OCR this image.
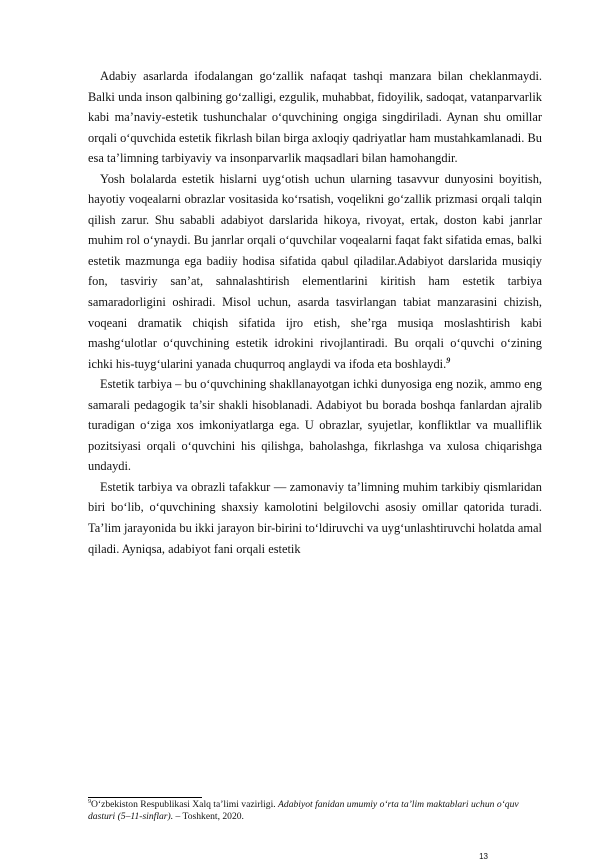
Adabiy asarlarda ifodalangan go‘zallik nafaqat tashqi manzara bilan cheklanmaydi. Balki unda inson qalbining go‘zalligi, ezgulik, muhabbat, fidoyilik, sadoqat, vatanparvarlik kabi ma’naviy-estetik tushunchalar o‘quvchining ongiga singdiriladi. Aynan shu omillar orqali o‘quvchida estetik fikrlash bilan birga axloqiy qadriyatlar ham mustahkamlanadi. Bu esa ta’limning tarbiyaviy va insonparvarlik maqsadlari bilan hamohangdir.

Yosh bolalarda estetik hislarni uyg‘otish uchun ularning tasavvur dunyosini boyitish, hayotiy voqealarni obrazlar vositasida ko‘rsatish, voqelikni go‘zallik prizmasi orqali talqin qilish zarur. Shu sababli adabiyot darslarida hikoya, rivoyat, ertak, doston kabi janrlar muhim rol o‘ynaydi. Bu janrlar orqali o‘quvchilar voqealarni faqat fakt sifatida emas, balki estetik mazmunga ega badiiy hodisa sifatida qabul qiladilar.Adabiyot darslarida musiqiy fon, tasviriy san’at, sahnalashtirish elementlarini kiritish ham estetik tarbiya samaradorligini oshiradi. Misol uchun, asarda tasvirlangan tabiat manzarasini chizish, voqeani dramatik chiqish sifatida ijro etish, she’rga musiqa moslashtirish kabi mashg‘ulotlar o‘quvchining estetik idrokini rivojlantiradi. Bu orqali o‘quvchi o‘zining ichki his-tuyg‘ularini yanada chuqurroq anglaydi va ifoda eta boshlaydi.$^9$

Estetik tarbiya – bu o‘quvchining shakllanayotgan ichki dunyosiga eng nozik, ammo eng samarali pedagogik ta’sir shakli hisoblanadi. Adabiyot bu borada boshqa fanlardan ajralib turadigan o‘ziga xos imkoniyatlarga ega. U obrazlar, syujetlar, konfliktlar va mualliflik pozitsiyasi orqali o‘quvchini his qilishga, baholashga, fikrlashga va xulosa chiqarishga undaydi.

Estetik tarbiya va obrazli tafakkur — zamonaviy ta’limning muhim tarkibiy qismlaridan biri bo‘lib, o‘quvchining shaxsiy kamolotini belgilovchi asosiy omillar qatorida turadi. Ta’lim jarayonida bu ikki jarayon bir-birini to‘ldiruvchi va uyg‘unlashtiruvchi holatda amal qiladi. Ayniqsa, adabiyot fani orqali estetik

$^9$O‘zbekiston Respublikasi Xalq ta’limi vazirligi. Adabiyot fanidan umumiy o‘rta ta’lim maktablari uchun o‘quv dasturi (5–11-sinflar). – Toshkent, 2020.
13
